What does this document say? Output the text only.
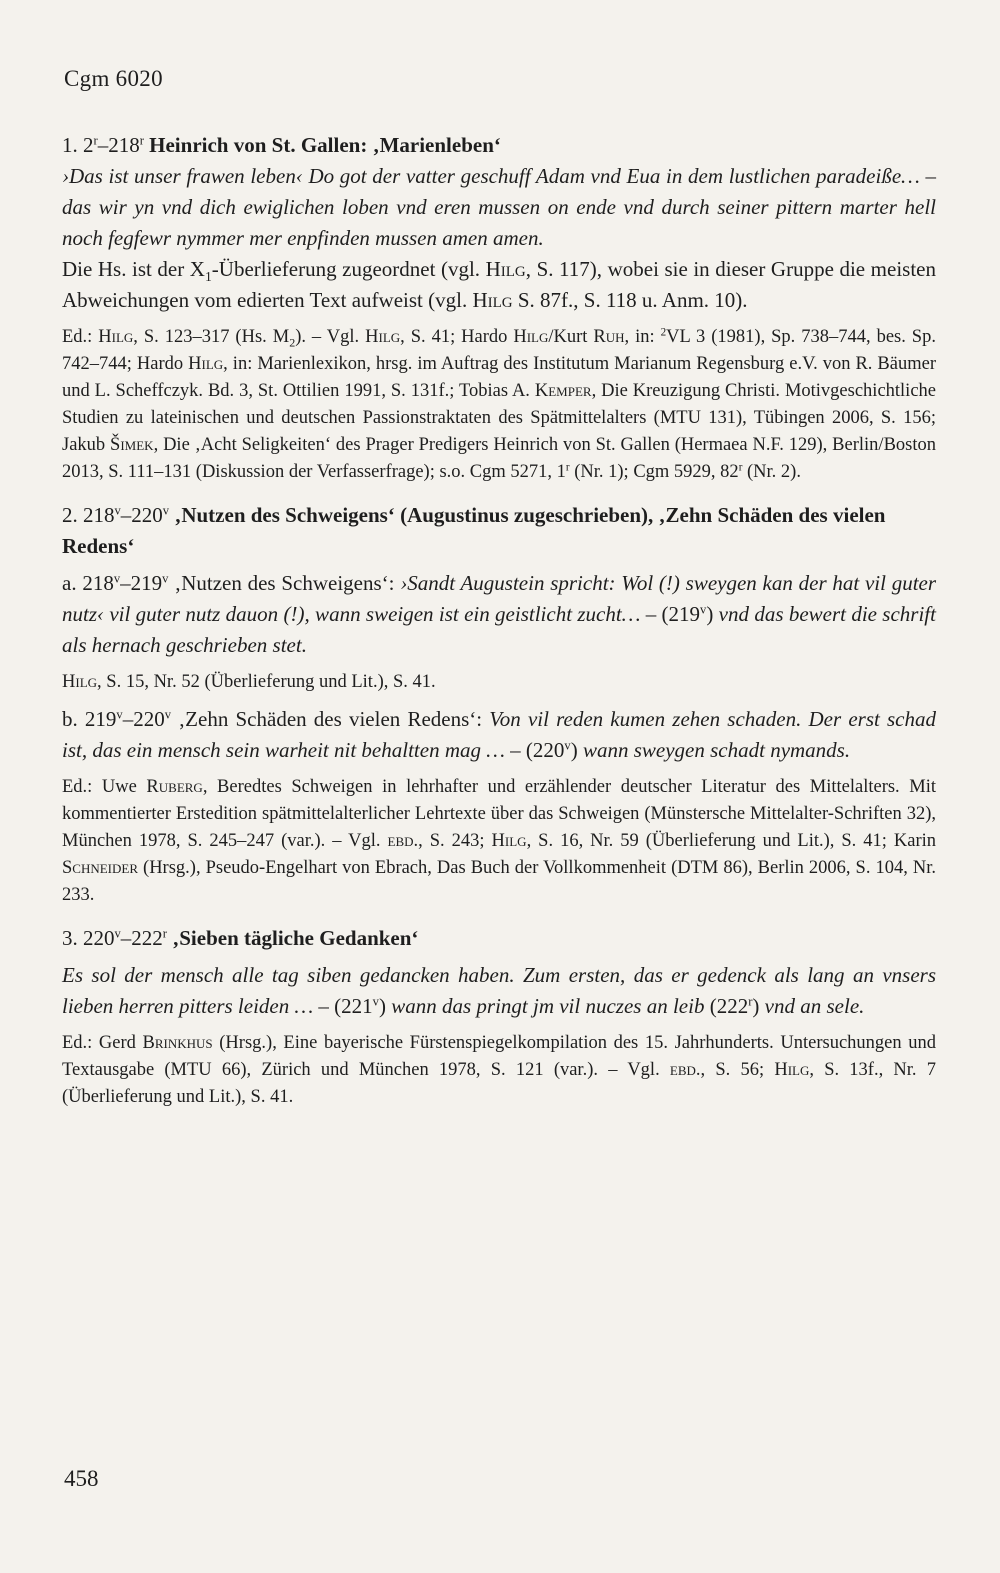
Cgm 6020
1. 2$^r$–218$^r$ Heinrich von St. Gallen: ‚Marienleben‘
›Das ist unser frawen leben‹ Do got der vatter geschuff Adam vnd Eua in dem lustlichen paradeiße… – das wir yn vnd dich ewiglichen loben vnd eren mussen on ende vnd durch seiner pittern marter hell noch fegfewr nymmer mer enpfinden mussen amen amen.
Die Hs. ist der $X_1$-Überlieferung zugeordnet (vgl. Hilg, S. 117), wobei sie in dieser Gruppe die meisten Abweichungen vom edierten Text aufweist (vgl. Hilg S. 87f., S. 118 u. Anm. 10).
Ed.: Hilg, S. 123–317 (Hs. $M_2$). – Vgl. Hilg, S. 41; Hardo Hilg/Kurt Ruh, in: $^2$VL 3 (1981), Sp. 738–744, bes. Sp. 742–744; Hardo Hilg, in: Marienlexikon, hrsg. im Auftrag des Institutum Marianum Regensburg e.V. von R. Bäumer und L. Scheffczyk. Bd. 3, St. Ottilien 1991, S. 131f.; Tobias A. Kemper, Die Kreuzigung Christi. Motivgeschichtliche Studien zu lateinischen und deutschen Passionstraktaten des Spätmittelalters (MTU 131), Tübingen 2006, S. 156; Jakub Šimek, Die ‚Acht Seligkeiten‘ des Prager Predigers Heinrich von St. Gallen (Hermaea N.F. 129), Berlin/Boston 2013, S. 111–131 (Diskussion der Verfasserfrage); s.o. Cgm 5271, 1$^r$ (Nr. 1); Cgm 5929, 82$^r$ (Nr. 2).
2. 218$^v$–220$^v$ ‚Nutzen des Schweigens‘ (Augustinus zugeschrieben), ‚Zehn Schäden des vielen Redens‘
a. 218$^v$–219$^v$ ‚Nutzen des Schweigens‘: ›Sandt Augustein spricht: Wol (!) sweygen kan der hat vil guter nutz‹ vil guter nutz dauon (!), wann sweigen ist ein geistlicht zucht… – (219$^v$) vnd das bewert die schrift als hernach geschrieben stet.
Hilg, S. 15, Nr. 52 (Überlieferung und Lit.), S. 41.
b. 219$^v$–220$^v$ ‚Zehn Schäden des vielen Redens‘: Von vil reden kumen zehen schaden. Der erst schad ist, das ein mensch sein warheit nit behaltten mag … – (220$^v$) wann sweygen schadt nymands.
Ed.: Uwe Ruberg, Beredtes Schweigen in lehrhafter und erzählender deutscher Literatur des Mittelalters. Mit kommentierter Erstedition spätmittelalterlicher Lehrtexte über das Schweigen (Münstersche Mittelalter-Schriften 32), München 1978, S. 245–247 (var.). – Vgl. ebd., S. 243; Hilg, S. 16, Nr. 59 (Überlieferung und Lit.), S. 41; Karin Schneider (Hrsg.), Pseudo-Engelhart von Ebrach, Das Buch der Vollkommenheit (DTM 86), Berlin 2006, S. 104, Nr. 233.
3. 220$^v$–222$^r$ ‚Sieben tägliche Gedanken‘
Es sol der mensch alle tag siben gedancken haben. Zum ersten, das er gedenck als lang an vnsers lieben herren pitters leiden … – (221$^v$) wann das pringt jm vil nuczes an leib (222$^r$) vnd an sele.
Ed.: Gerd Brinkhus (Hrsg.), Eine bayerische Fürstenspiegelkompilation des 15. Jahrhunderts. Untersuchungen und Textausgabe (MTU 66), Zürich und München 1978, S. 121 (var.). – Vgl. ebd., S. 56; Hilg, S. 13f., Nr. 7 (Überlieferung und Lit.), S. 41.
458
